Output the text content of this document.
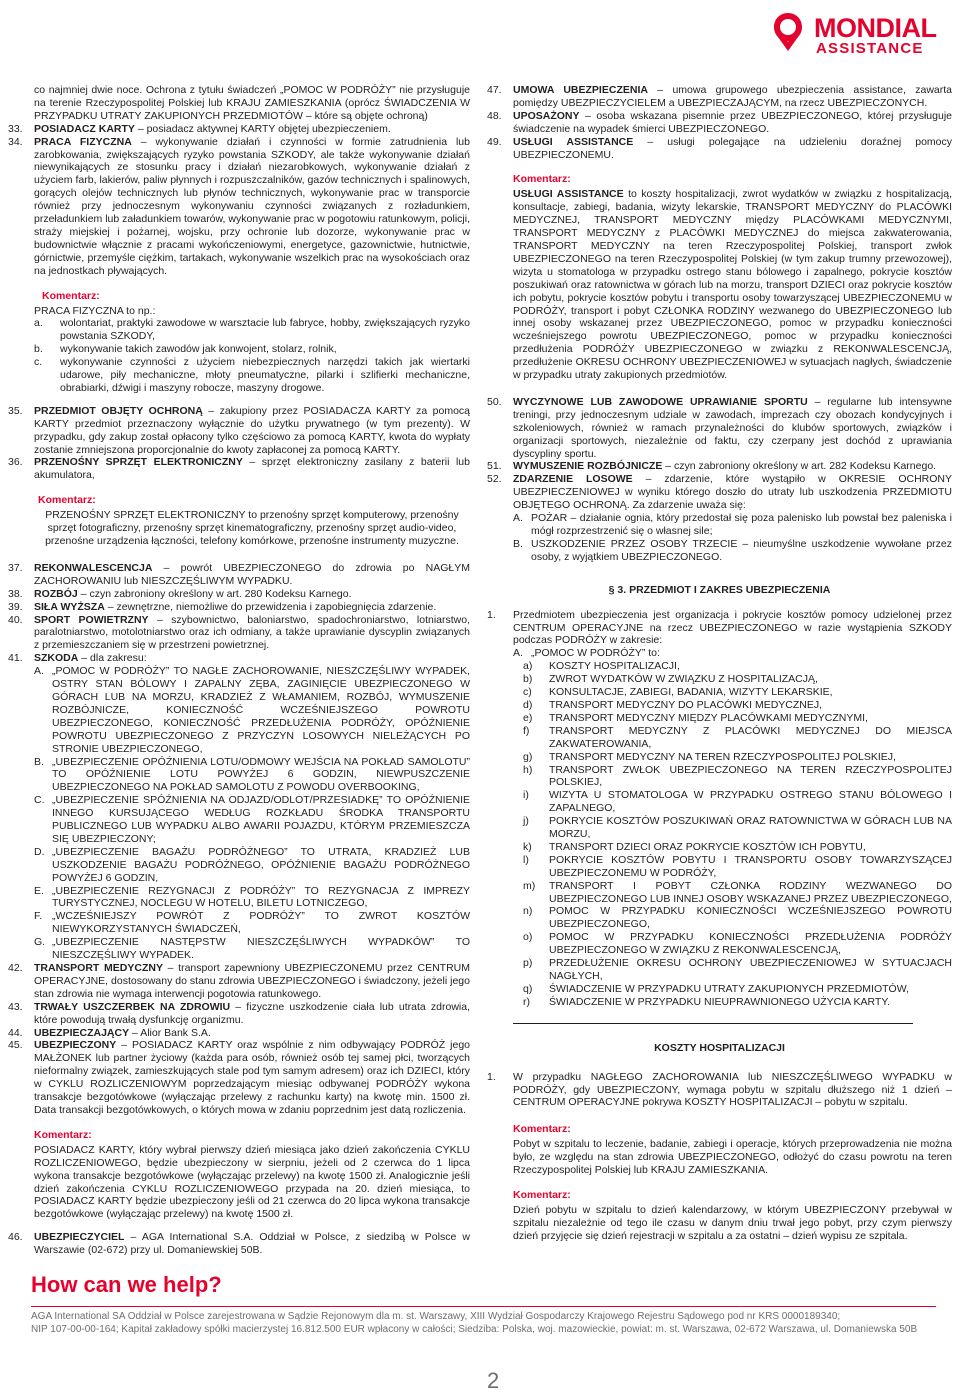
MONDIAL
ASSISTANCE
co najmniej dwie noce. Ochrona z tytułu świadczeń „POMOC W PODRÓŻY” nie przysługuje na terenie Rzeczypospolitej Polskiej lub KRAJU ZAMIESZKANIA (oprócz ŚWIADCZENIA W PRZYPADKU UTRATY ZAKUPIONYCH PRZEDMIOTÓW – które są objęte ochroną)
33. POSIADACZ KARTY – posiadacz aktywnej KARTY objętej ubezpieczeniem.
34. PRACA FIZYCZNA – wykonywanie działań i czynności w formie zatrudnienia lub zarobkowania, zwiększających ryzyko powstania SZKODY, ale także wykonywanie działań niewynikających ze stosunku pracy i działań niezarobkowych, wykonywanie działań z użyciem farb, lakierów, paliw płynnych i rozpuszczalników, gazów technicznych i spalinowych, gorących olejów technicznych lub płynów technicznych, wykonywanie prac w transporcie również przy jednoczesnym wykonywaniu czynności związanych z rozładunkiem, przeładunkiem lub załadunkiem towarów, wykonywanie prac w pogotowiu ratunkowym, policji, straży miejskiej i pożarnej, wojsku, przy ochronie lub dozorze, wykonywanie prac w budownictwie włącznie z pracami wykończeniowymi, energetyce, gazownictwie, hutnictwie, górnictwie, przemyśle ciężkim, tartakach, wykonywanie wszelkich prac na wysokościach oraz na jednostkach pływających.
Komentarz:
PRACA FIZYCZNA to np.:
a. wolontariat, praktyki zawodowe w warsztacie lub fabryce, hobby, zwiększających ryzyko powstania SZKODY,
b. wykonywanie takich zawodów jak konwojent, stolarz, rolnik,
c. wykonywanie czynności z użyciem niebezpiecznych narzędzi takich jak wiertarki udarowe, piły mechaniczne, młoty pneumatyczne, pilarki i szlifierki mechaniczne, obrabiarki, dźwigi i maszyny robocze, maszyny drogowe.
35. PRZEDMIOT OBJĘTY OCHRONĄ – zakupiony przez POSIADACZA KARTY za pomocą KARTY przedmiot przeznaczony wyłącznie do użytku prywatnego (w tym prezenty). W przypadku, gdy zakup został opłacony tylko częściowo za pomocą KARTY, kwota do wypłaty zostanie zmniejszona proporcjonalnie do kwoty zapłaconej za pomocą KARTY.
36. PRZENOŚNY SPRZĘT ELEKTRONICZNY – sprzęt elektroniczny zasilany z baterii lub akumulatora,
Komentarz:
PRZENOŚNY SPRZĘT ELEKTRONICZNY to przenośny sprzęt komputerowy, przenośny sprzęt fotograficzny, przenośny sprzęt kinematograficzny, przenośny sprzęt audio-video, przenośne urządzenia łączności, telefony komórkowe, przenośne instrumenty muzyczne.
37. REKONWALESCENCJA – powrót UBEZPIECZONEGO do zdrowia po NAGŁYM ZACHOROWANIU lub NIESZCZĘŚLIWYM WYPADKU.
38. ROZBÓJ – czyn zabroniony określony w art. 280 Kodeksu Karnego.
39. SIŁA WYŻSZA – zewnętrzne, niemożliwe do przewidzenia i zapobiegnięcia zdarzenie.
40. SPORT POWIETRZNY – szybownictwo, baloniarstwo, spadochroniarstwo, lotniarstwo, paralotniarstwo, motolotniarstwo oraz ich odmiany, a także uprawianie dyscyplin związanych z przemieszczaniem się w przestrzeni powietrznej.
41. SZKODA – dla zakresu:
A. „POMOC W PODRÓŻY” TO NAGŁE ZACHOROWANIE, NIESZCZĘŚLIWY WYPADEK, OSTRY STAN BÓLOWY I ZAPALNY ZĘBA, ZAGINIĘCIE UBEZPIECZONEGO W GÓRACH LUB NA MORZU, KRADZIEŻ Z WŁAMANIEM, ROZBÓJ, WYMUSZENIE ROZBÓJNICZE, KONIECZNOŚĆ WCZEŚNIEJSZEGO POWROTU UBEZPIECZONEGO, KONIECZNOŚĆ PRZEDŁUŻENIA PODRÓŻY, OPÓŹNIENIE POWROTU UBEZPIECZONEGO Z PRZYCZYN LOSOWYCH NIELEŻĄCYCH PO STRONIE UBEZPIECZONEGO,
B. „UBEZPIECZENIE OPÓŹNIENIA LOTU/ODMOWY WEJŚCIA NA POKŁAD SAMOLOTU” TO OPÓŹNIENIE LOTU POWYŻEJ 6 GODZIN, NIEWPUSZCZENIE UBEZPIECZONEGO NA POKŁAD SAMOLOTU Z POWODU OVERBOOKING,
C. „UBEZPIECZENIE SPÓŹNIENIA NA ODJAZD/ODLOT/PRZESIADKĘ” TO OPÓŹNIENIE INNEGO KURSUJĄCEGO WEDŁUG ROZKŁADU ŚRODKA TRANSPORTU PUBLICZNEGO LUB WYPADKU ALBO AWARII POJAZDU, KTÓRYM PRZEMIESZCZA SIĘ UBEZPIECZONY;
D. „UBEZPIECZENIE BAGAŻU PODRÓŻNEGO” TO UTRATA, KRADZIEŻ LUB USZKODZENIE BAGAŻU PODRÓŻNEGO, OPÓŹNIENIE BAGAŻU PODRÓŻNEGO POWYŻEJ 6 GODZIN,
E. „UBEZPIECZENIE REZYGNACJI Z PODRÓŻY” TO REZYGNACJA Z IMPREZY TURYSTYCZNEJ, NOCLEGU W HOTELU, BILETU LOTNICZEGO,
F. „WCZEŚNIEJSZY POWRÓT Z PODRÓŻY” TO ZWROT KOSZTÓW NIEWYKORZYSTANYCH ŚWIADCZEŃ,
G. „UBEZPIECZENIE NASTĘPSTW NIESZCZĘŚLIWYCH WYPADKÓW” TO NIESZCZĘŚLIWY WYPADEK.
42. TRANSPORT MEDYCZNY – transport zapewniony UBEZPIECZONEMU przez CENTRUM OPERACYJNE, dostosowany do stanu zdrowia UBEZPIECZONEGO i świadczony, jeżeli jego stan zdrowia nie wymaga interwencji pogotowia ratunkowego.
43. TRWAŁY USZCZERBEK NA ZDROWIU – fizyczne uszkodzenie ciała lub utrata zdrowia, które powodują trwałą dysfunkcję organizmu.
44. UBEZPIECZAJĄCY – Alior Bank S.A.
45. UBEZPIECZONY – POSIADACZ KARTY oraz wspólnie z nim odbywający PODRÓŻ jego MAŁŻONEK lub partner życiowy (każda para osób, również osób tej samej płci, tworzących nieformalny związek, zamieszkujących stale pod tym samym adresem) oraz ich DZIECI, który w CYKLU ROZLICZENIOWYM poprzedzającym miesiąc odbywanej PODRÓŻY wykona transakcje bezgotówkowe (wyłączając przelewy z rachunku karty) na kwotę min. 1500 zł. Data transakcji bezgotówkowych, o których mowa w zdaniu poprzednim jest datą rozliczenia.
Komentarz:
POSIADACZ KARTY, który wybrał pierwszy dzień miesiąca jako dzień zakończenia CYKLU ROZLICZENIOWEGO, będzie ubezpieczony w sierpniu, jeżeli od 2 czerwca do 1 lipca wykona transakcje bezgotówkowe (wyłączając przelewy) na kwotę 1500 zł. Analogicznie jeśli dzień zakończenia CYKLU ROZLICZENIOWEGO przypada na 20. dzień miesiąca, to POSIADACZ KARTY będzie ubezpieczony jeśli od 21 czerwca do 20 lipca wykona transakcje bezgotówkowe (wyłączając przelewy) na kwotę 1500 zł.
46. UBEZPIECZYCIEL – AGA International S.A. Oddział w Polsce, z siedzibą w Polsce w Warszawie (02-672) przy ul. Domaniewskiej 50B.
47. UMOWA UBEZPIECZENIA – umowa grupowego ubezpieczenia assistance, zawarta pomiędzy UBEZPIECZYCIELEM a UBEZPIECZAJĄCYM, na rzecz UBEZPIECZONYCH.
48. UPOSAŻONY – osoba wskazana pisemnie przez UBEZPIECZONEGO, której przysługuje świadczenie na wypadek śmierci UBEZPIECZONEGO.
49. USŁUGI ASSISTANCE – usługi polegające na udzieleniu doraźnej pomocy UBEZPIECZONEMU.
Komentarz:
USŁUGI ASSISTANCE to koszty hospitalizacji, zwrot wydatków w związku z hospitalizacją, konsultacje, zabiegi, badania, wizyty lekarskie, TRANSPORT MEDYCZNY do PLACÓWKI MEDYCZNEJ, TRANSPORT MEDYCZNY między PLACÓWKAMI MEDYCZNYMI, TRANSPORT MEDYCZNY z PLACÓWKI MEDYCZNEJ do miejsca zakwaterowania, TRANSPORT MEDYCZNY na teren Rzeczypospolitej Polskiej, transport zwłok UBEZPIECZONEGO na teren Rzeczypospolitej Polskiej (w tym zakup trumny przewozowej), wizyta u stomatologa w przypadku ostrego stanu bólowego i zapalnego, pokrycie kosztów poszukiwań oraz ratownictwa w górach lub na morzu, transport DZIECI oraz pokrycie kosztów ich pobytu, pokrycie kosztów pobytu i transportu osoby towarzyszącej UBEZPIECZONEMU w PODRÓŻY, transport i pobyt CZŁONKA RODZINY wezwanego do UBEZPIECZONEGO lub innej osoby wskazanej przez UBEZPIECZONEGO, pomoc w przypadku konieczności wcześniejszego powrotu UBEZPIECZONEGO, pomoc w przypadku konieczności przedłużenia PODRÓŻY UBEZPIECZONEGO w związku z REKONWALESCENCJĄ, przedłużenie OKRESU OCHRONY UBEZPIECZENIOWEJ w sytuacjach nagłych, świadczenie w przypadku utraty zakupionych przedmiotów.
50. WYCZYNOWE LUB ZAWODOWE UPRAWIANIE SPORTU – regularne lub intensywne treningi, przy jednoczesnym udziale w zawodach, imprezach czy obozach kondycyjnych i szkoleniowych, również w ramach przynależności do klubów sportowych, związków i organizacji sportowych, niezależnie od faktu, czy czerpany jest dochód z uprawiania dyscypliny sportu.
51. WYMUSZENIE ROZBÓJNICZE – czyn zabroniony określony w art. 282 Kodeksu Karnego.
52. ZDARZENIE LOSOWE – zdarzenie, które wystąpiło w OKRESIE OCHRONY UBEZPIECZENIOWEJ w wyniku którego doszło do utraty lub uszkodzenia PRZEDMIOTU OBJĘTEGO OCHRONĄ. Za zdarzenie uważa się:
A. POŻAR – działanie ognia, który przedostał się poza palenisko lub powstał bez paleniska i mógł rozprzestrzenić się o własnej sile;
B. USZKODZENIE PRZEZ OSOBY TRZECIE – nieumyślne uszkodzenie wywołane przez osoby, z wyjątkiem UBEZPIECZONEGO.
§ 3. PRZEDMIOT I ZAKRES UBEZPIECZENIA
1. Przedmiotem ubezpieczenia jest organizacja i pokrycie kosztów pomocy udzielonej przez CENTRUM OPERACYJNE na rzecz UBEZPIECZONEGO w razie wystąpienia SZKODY podczas PODRÓŻY w zakresie:
A. „POMOC W PODRÓŻY” to:
a) KOSZTY HOSPITALIZACJI,
b) ZWROT WYDATKÓW W ZWIĄZKU Z HOSPITALIZACJĄ,
c) KONSULTACJE, ZABIEGI, BADANIA, WIZYTY LEKARSKIE,
d) TRANSPORT MEDYCZNY DO PLACÓWKI MEDYCZNEJ,
e) TRANSPORT MEDYCZNY MIĘDZY PLACÓWKAMI MEDYCZNYMI,
f) TRANSPORT MEDYCZNY Z PLACÓWKI MEDYCZNEJ DO MIEJSCA ZAKWATEROWANIA,
g) TRANSPORT MEDYCZNY NA TEREN RZECZYPOSPOLITEJ POLSKIEJ,
h) TRANSPORT ZWŁOK UBEZPIECZONEGO NA TEREN RZECZYPOSPOLITEJ POLSKIEJ,
i) WIZYTA U STOMATOLOGA W PRZYPADKU OSTREGO STANU BÓLOWEGO I ZAPALNEGO,
j) POKRYCIE KOSZTÓW POSZUKIWAŃ ORAZ RATOWNICTWA W GÓRACH LUB NA MORZU,
k) TRANSPORT DZIECI ORAZ POKRYCIE KOSZTÓW ICH POBYTU,
l) POKRYCIE KOSZTÓW POBYTU I TRANSPORTU OSOBY TOWARZYSZĄCEJ UBEZPIECZONEMU W PODRÓŻY,
m) TRANSPORT I POBYT CZŁONKA RODZINY WEZWANEGO DO UBEZPIECZONEGO LUB INNEJ OSOBY WSKAZANEJ PRZEZ UBEZPIECZONEGO,
n) POMOC W PRZYPADKU KONIECZNOŚCI WCZEŚNIEJSZEGO POWROTU UBEZPIECZONEGO,
o) POMOC W PRZYPADKU KONIECZNOŚCI PRZEDŁUŻENIA PODRÓŻY UBEZPIECZONEGO W ZWIĄZKU Z REKONWALESCENCJĄ,
p) PRZEDŁUŻENIE OKRESU OCHRONY UBEZPIECZENIOWEJ W SYTUACJACH NAGŁYCH,
q) ŚWIADCZENIE W PRZYPADKU UTRATY ZAKUPIONYCH PRZEDMIOTÓW,
r) ŚWIADCZENIE W PRZYPADKU NIEUPRAWNIONEGO UŻYCIA KARTY.
KOSZTY HOSPITALIZACJI
1. W przypadku NAGŁEGO ZACHOROWANIA lub NIESZCZĘŚLIWEGO WYPADKU w PODRÓŻY, gdy UBEZPIECZONY, wymaga pobytu w szpitalu dłuższego niż 1 dzień – CENTRUM OPERACYJNE pokrywa KOSZTY HOSPITALIZACJI – pobytu w szpitalu.
Komentarz:
Pobyt w szpitalu to leczenie, badanie, zabiegi i operacje, których przeprowadzenia nie można było, ze względu na stan zdrowia UBEZPIECZONEGO, odłożyć do czasu powrotu na teren Rzeczypospolitej Polskiej lub KRAJU ZAMIESZKANIA.
Komentarz:
Dzień pobytu w szpitalu to dzień kalendarzowy, w którym UBEZPIECZONY przebywał w szpitalu niezależnie od tego ile czasu w danym dniu trwał jego pobyt, przy czym pierwszy dzień przyjęcie się dzień rejestracji w szpitalu a za ostatni – dzień wypisu ze szpitala.
How can we help?
AGA International SA Oddział w Polsce zarejestrowana w Sądzie Rejonowym dla m. st. Warszawy, XIII Wydział Gospodarczy Krajowego Rejestru Sądowego pod nr KRS 0000189340;
NIP 107-00-00-164; Kapitał zakładowy spółki macierzystej 16.812.500 EUR wpłacony w całości; Siedziba: Polska, woj. mazowieckie, powiat: m. st. Warszawa, 02-672 Warszawa, ul. Domaniewska 50B
2
